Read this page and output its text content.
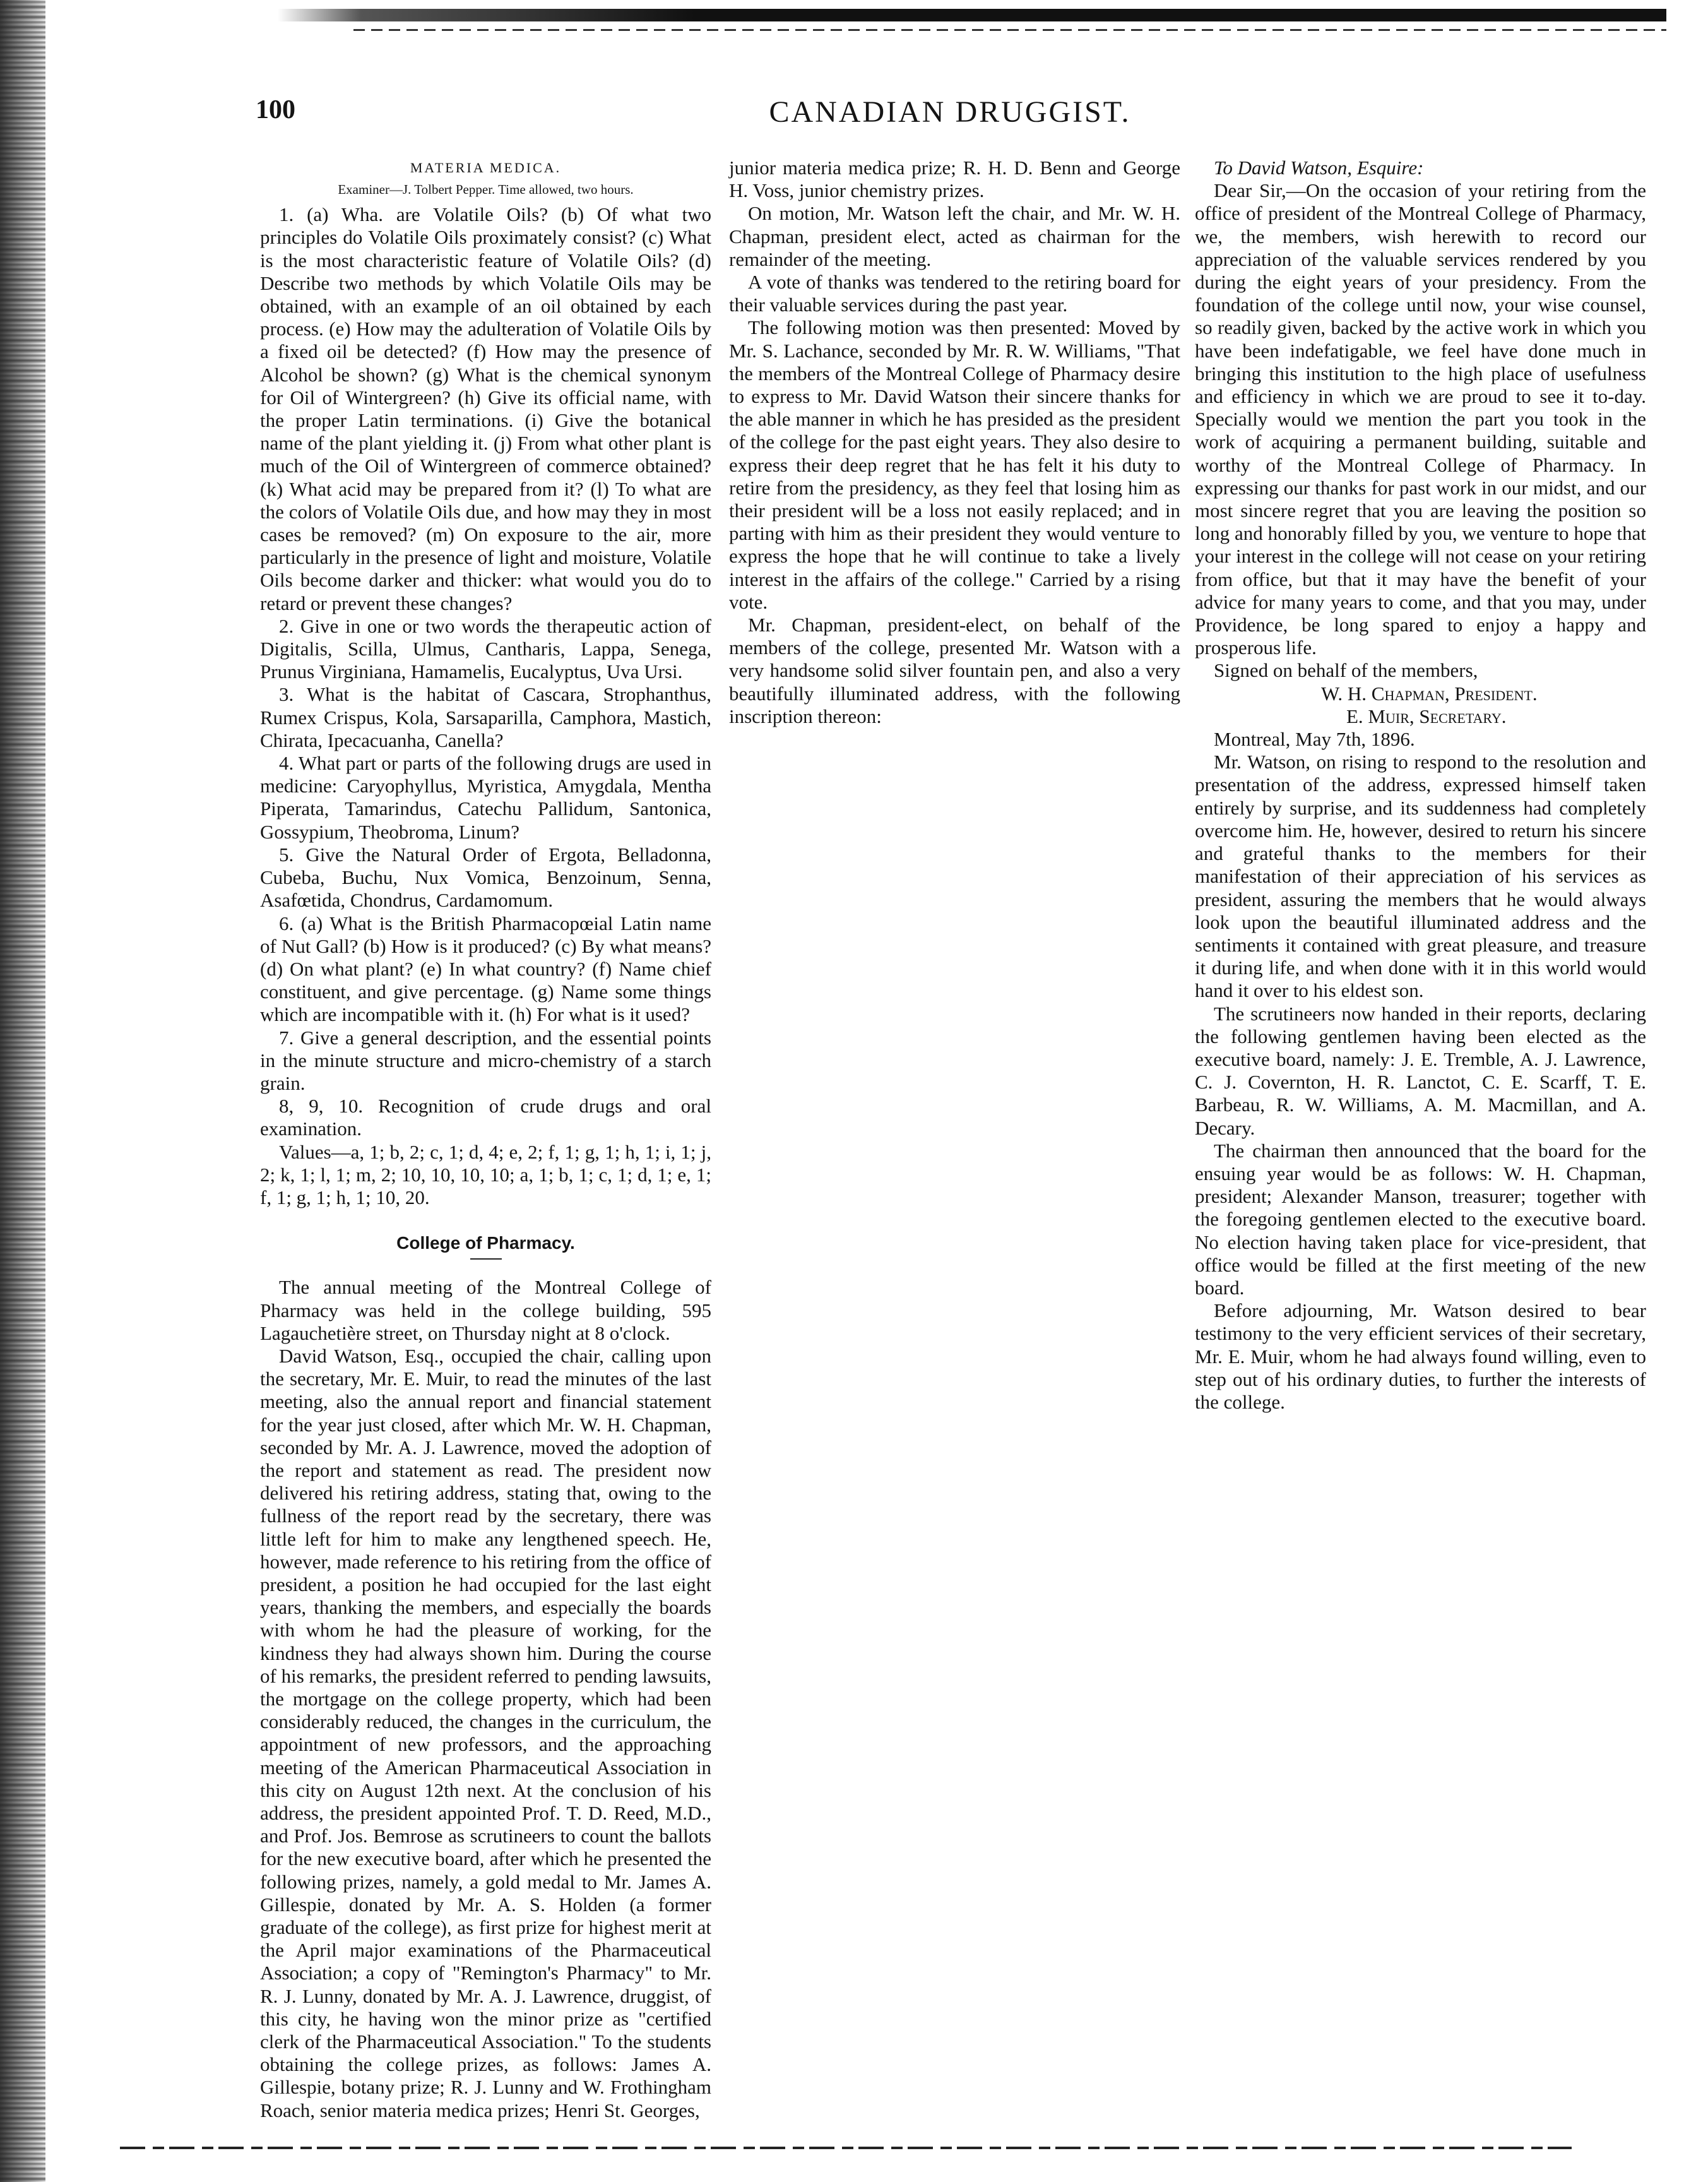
100	CANADIAN DRUGGIST.
MATERIA MEDICA.
Examiner—J. Tolbert Pepper. Time allowed, two hours.

1. (a) Wha. are Volatile Oils? (b) Of what two principles do Volatile Oils proximately consist? (c) What is the most characteristic feature of Volatile Oils? (d) Describe two methods by which Volatile Oils may be obtained, with an example of an oil obtained by each process. (e) How may the adulteration of Volatile Oils by a fixed oil be detected? (f) How may the presence of Alcohol be shown? (g) What is the chemical synonym for Oil of Wintergreen? (h) Give its official name, with the proper Latin terminations. (i) Give the botanical name of the plant yielding it. (j) From what other plant is much of the Oil of Wintergreen of commerce obtained? (k) What acid may be prepared from it? (l) To what are the colors of Volatile Oils due, and how may they in most cases be removed? (m) On exposure to the air, more particularly in the presence of light and moisture, Volatile Oils become darker and thicker: what would you do to retard or prevent these changes?

2. Give in one or two words the therapeutic action of Digitalis, Scilla, Ulmus, Cantharis, Lappa, Senega, Prunus Virginiana, Hamamelis, Eucalyptus, Uva Ursi.

3. What is the habitat of Cascara, Strophanthus, Rumex Crispus, Kola, Sarsaparilla, Camphora, Mastich, Chirata, Ipecacuanha, Canella?

4. What part or parts of the following drugs are used in medicine: Caryophyllus, Myristica, Amygdala, Mentha Piperata, Tamarindus, Catechu Pallidum, Santonica, Gossypium, Theobroma, Linum?

5. Give the Natural Order of Ergota, Belladonna, Cubeba, Buchu, Nux Vomica, Benzoinum, Senna, Asafœtida, Chondrus, Cardamomum.

6. (a) What is the British Pharmacopœial Latin name of Nut Gall? (b) How is it produced? (c) By what means? (d) On what plant? (e) In what country? (f) Name chief constituent, and give percentage. (g) Name some things which are incompatible with it. (h) For what is it used?

7. Give a general description, and the essential points in the minute structure and micro-chemistry of a starch grain.

8, 9, 10. Recognition of crude drugs and oral examination.

Values—a, 1; b, 2; c, 1; d, 4; e, 2; f, 1; g, 1; h, 1; i, 1; j, 2; k, 1; l, 1; m, 2; 10, 10, 10, 10; a, 1; b, 1; c, 1; d, 1; e, 1; f, 1; g, 1; h, 1; 10, 20.

College of Pharmacy.

The annual meeting of the Montreal College of Pharmacy was held in the college building, 595 Lagauchetière street, on Thursday night at 8 o'clock.

David Watson, Esq., occupied the chair, calling upon the secretary, Mr. E. Muir, to read the minutes of the last meeting, also the annual report and financial statement for the year just closed, after which Mr. W. H. Chapman, seconded by Mr. A. J. Lawrence, moved the adoption of the report and statement as read. The president now delivered his retiring address, stating that, owing to the fullness of the report read by the secretary, there was little left for him to make any lengthened speech. He, however, made reference to his retiring from the office of president, a position he had occupied for the last eight years, thanking the members, and especially the boards with whom he had the pleasure of working, for the kindness they had always shown him. During the course of his remarks, the president referred to pending lawsuits, the mortgage on the college property, which had been considerably reduced, the changes in the curriculum, the appointment of new professors, and the approaching meeting of the American Pharmaceutical Association in this city on August 12th next. At the conclusion of his address, the president appointed Prof. T. D. Reed, M.D., and Prof. Jos. Bemrose as scrutineers to count the ballots for the new executive board, after which he presented the following prizes, namely, a gold medal to Mr. James A. Gillespie, donated by Mr. A. S. Holden (a former graduate of the college), as first prize for highest merit at the April major examinations of the Pharmaceutical Association; a copy of "Remington's Pharmacy" to Mr. R. J. Lunny, donated by Mr. A. J. Lawrence, druggist, of this city, he having won the minor prize as "certified clerk of the Pharmaceutical Association." To the students obtaining the college prizes, as follows: James A. Gillespie, botany prize; R. J. Lunny and W. Frothingham Roach, senior materia medica prizes; Henri St. Georges,

junior materia medica prize; R. H. D. Benn and George H. Voss, junior chemistry prizes.

On motion, Mr. Watson left the chair, and Mr. W. H. Chapman, president elect, acted as chairman for the remainder of the meeting.

A vote of thanks was tendered to the retiring board for their valuable services during the past year.

The following motion was then presented: Moved by Mr. S. Lachance, seconded by Mr. R. W. Williams, "That the members of the Montreal College of Pharmacy desire to express to Mr. David Watson their sincere thanks for the able manner in which he has presided as the president of the college for the past eight years. They also desire to express their deep regret that he has felt it his duty to retire from the presidency, as they feel that losing him as their president will be a loss not easily replaced; and in parting with him as their president they would venture to express the hope that he will continue to take a lively interest in the affairs of the college." Carried by a rising vote.

Mr. Chapman, president-elect, on behalf of the members of the college, presented Mr. Watson with a very handsome solid silver fountain pen, and also a very beautifully illuminated address, with the following inscription thereon:

To David Watson, Esquire:

Dear Sir,—On the occasion of your retiring from the office of president of the Montreal College of Pharmacy, we, the members, wish herewith to record our appreciation of the valuable services rendered by you during the eight years of your presidency. From the foundation of the college until now, your wise counsel, so readily given, backed by the active work in which you have been indefatigable, we feel have done much in bringing this institution to the high place of usefulness and efficiency in which we are proud to see it to-day. Specially would we mention the part you took in the work of acquiring a permanent building, suitable and worthy of the Montreal College of Pharmacy. In expressing our thanks for past work in our midst, and our most sincere regret that you are leaving the position so long and honorably filled by you, we venture to hope that your interest in the college will not cease on your retiring from office, but that it may have the benefit of your advice for many years to come, and that you may, under Providence, be long spared to enjoy a happy and prosperous life.

Signed on behalf of the members,

W. H. Chapman, President.

E. Muir, Secretary.

Montreal, May 7th, 1896.

Mr. Watson, on rising to respond to the resolution and presentation of the address, expressed himself taken entirely by surprise, and its suddenness had completely overcome him. He, however, desired to return his sincere and grateful thanks to the members for their manifestation of their appreciation of his services as president, assuring the members that he would always look upon the beautiful illuminated address and the sentiments it contained with great pleasure, and treasure it during life, and when done with it in this world would hand it over to his eldest son.

The scrutineers now handed in their reports, declaring the following gentlemen having been elected as the executive board, namely: J. E. Tremble, A. J. Lawrence, C. J. Covernton, H. R. Lanctot, C. E. Scarff, T. E. Barbeau, R. W. Williams, A. M. Macmillan, and A. Decary.

The chairman then announced that the board for the ensuing year would be as follows: W. H. Chapman, president; Alexander Manson, treasurer; together with the foregoing gentlemen elected to the executive board. No election having taken place for vice-president, that office would be filled at the first meeting of the new board.

Before adjourning, Mr. Watson desired to bear testimony to the very efficient services of their secretary, Mr. E. Muir, whom he had always found willing, even to step out of his ordinary duties, to further the interests of the college.
